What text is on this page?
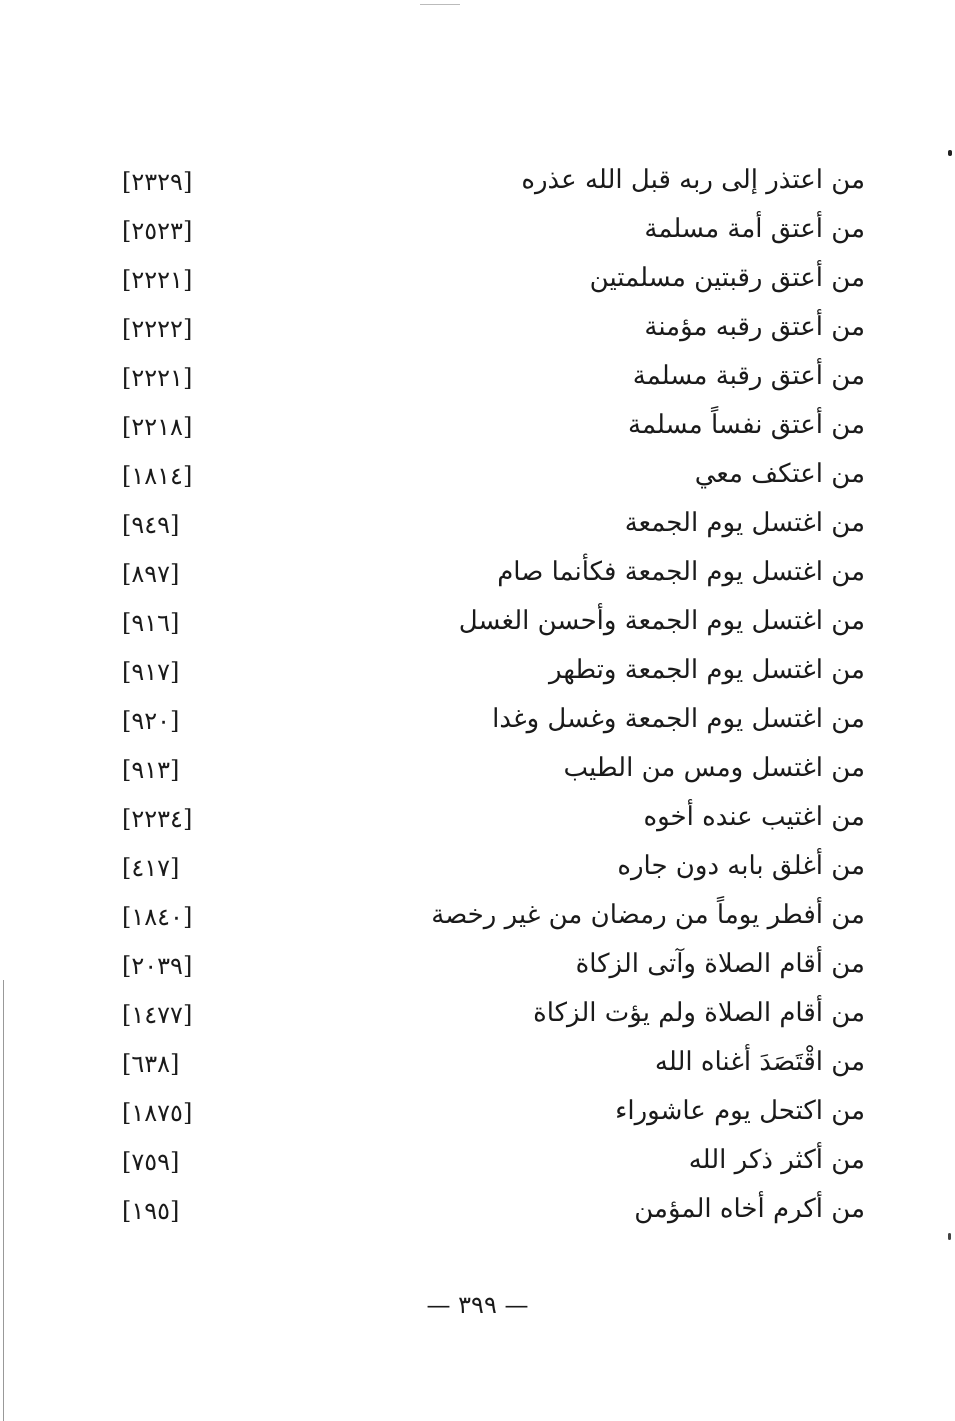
من اعتذر إلى ربه قبل الله عذره
[٢٣٢٩]
من أعتق أمة مسلمة
[٢٥٢٣]
من أعتق رقبتين مسلمتين
[٢٢٢١]
من أعتق رقبه مؤمنة
[٢٢٢٢]
من أعتق رقبة مسلمة
[٢٢٢١]
من أعتق نفساً مسلمة
[٢٢١٨]
من اعتكف معي
[١٨١٤]
من اغتسل يوم الجمعة
[٩٤٩]
من اغتسل يوم الجمعة فكأنما صام
[٨٩٧]
من اغتسل يوم الجمعة وأحسن الغسل
[٩١٦]
من اغتسل يوم الجمعة وتطهر
[٩١٧]
من اغتسل يوم الجمعة وغسل وغدا
[٩٢٠]
من اغتسل ومس من الطيب
[٩١٣]
من اغتيب عنده أخوه
[٢٢٣٤]
من أغلق بابه دون جاره
[٤١٧]
من أفطر يوماً من رمضان من غير رخصة
[١٨٤٠]
من أقام الصلاة وآتى الزكاة
[٢٠٣٩]
من أقام الصلاة ولم يؤت الزكاة
[١٤٧٧]
من اقْتَصَدَ أغناه الله
[٦٣٨]
من اكتحل يوم عاشوراء
[١٨٧٥]
من أكثر ذكر الله
[٧٥٩]
من أكرم أخاه المؤمن
[١٩٥]
— ٣٩٩ —
